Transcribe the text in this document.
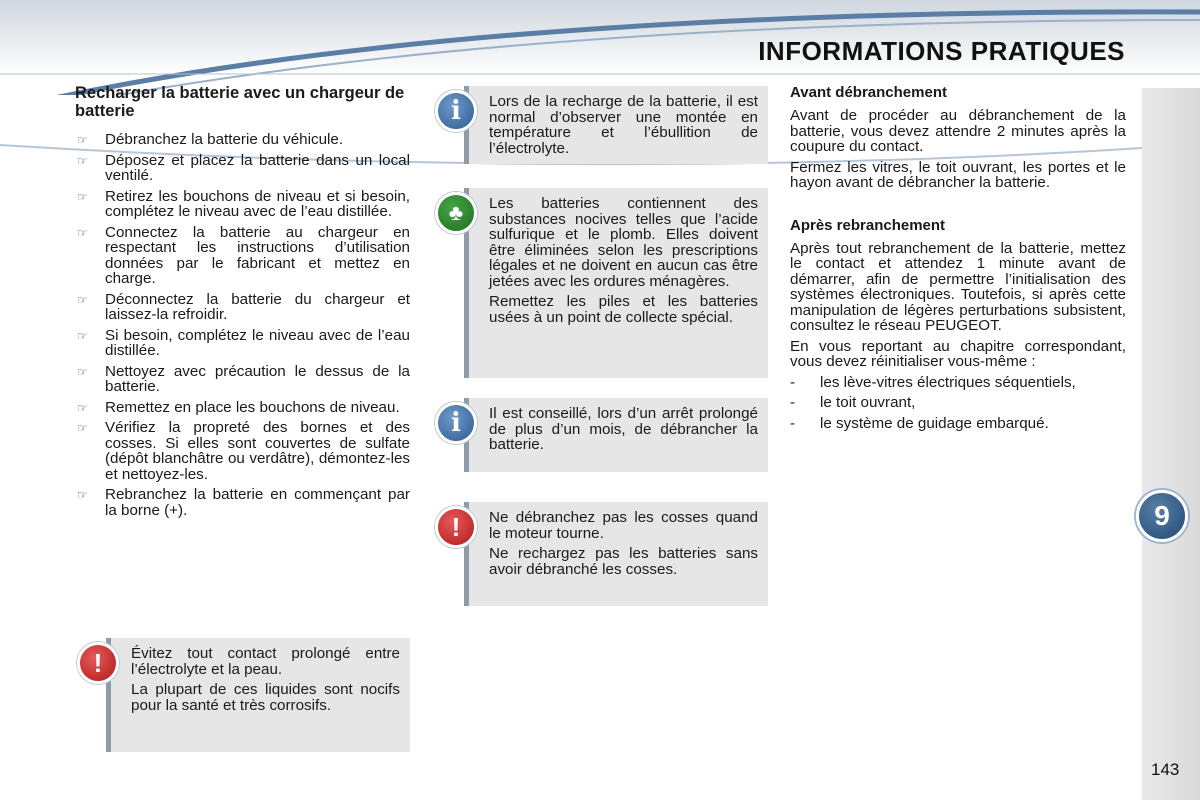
INFORMATIONS PRATIQUES
9
143
Recharger la batterie avec un chargeur de batterie
☞ Débranchez la batterie du véhicule.
☞ Déposez et placez la batterie dans un local ventilé.
☞ Retirez les bouchons de niveau et si besoin, complétez le niveau avec de l’eau distillée.
☞ Connectez la batterie au chargeur en respectant les instructions d’utilisation données par le fabricant et mettez en charge.
☞ Déconnectez la batterie du chargeur et laissez-la refroidir.
☞ Si besoin, complétez le niveau avec de l’eau distillée.
☞ Nettoyez avec précaution le dessus de la batterie.
☞ Remettez en place les bouchons de niveau.
☞ Vérifiez la propreté des bornes et des cosses. Si elles sont couvertes de sulfate (dépôt blanchâtre ou verdâtre), démontez-les et nettoyez-les.
☞ Rebranchez la batterie en commençant par la borne (+).
!	Évitez tout contact prolongé entre l’électrolyte et la peau.

La plupart de ces liquides sont nocifs pour la santé et très corrosifs.

i	Lors de la recharge de la batterie, il est normal d’observer une montée en température et l’ébullition de l’électrolyte.

♣	Les batteries contiennent des substances nocives telles que l’acide sulfurique et le plomb. Elles doivent être éliminées selon les prescriptions légales et ne doivent en aucun cas être jetées avec les ordures ménagères.

Remettez les piles et les batteries usées à un point de collecte spécial.

i	Il est conseillé, lors d’un arrêt prolongé de plus d’un mois, de débrancher la batterie.

!	Ne débranchez pas les cosses quand le moteur tourne.

Ne rechargez pas les batteries sans avoir débranché les cosses.

Avant débranchement

Avant de procéder au débranchement de la batterie, vous devez attendre 2 minutes après la coupure du contact.

Fermez les vitres, le toit ouvrant, les portes et le hayon avant de débrancher la batterie.

Après rebranchement

Après tout rebranchement de la batterie, mettez le contact et attendez 1 minute avant de démarrer, afin de permettre l’initialisation des systèmes électroniques. Toutefois, si après cette manipulation de légères perturbations subsistent, consultez le réseau PEUGEOT.

En vous reportant au chapitre correspondant, vous devez réinitialiser vous-même :

- les lève-vitres électriques séquentiels,
- le toit ouvrant,
- le système de guidage embarqué.
